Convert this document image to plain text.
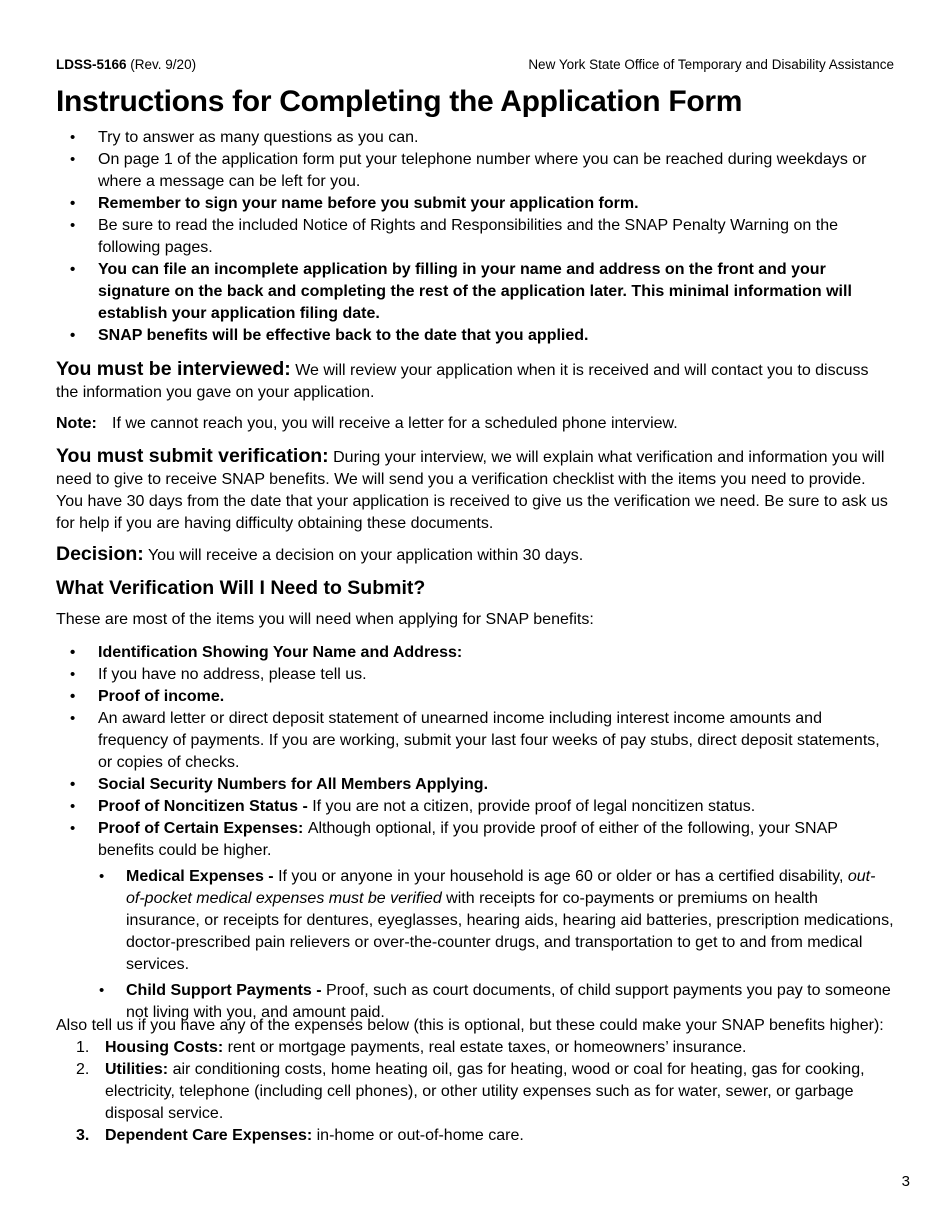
LDSS-5166 (Rev. 9/20)	New York State Office of Temporary and Disability Assistance
Instructions for Completing the Application Form
• Try to answer as many questions as you can.
• On page 1 of the application form put your telephone number where you can be reached during weekdays or where a message can be left for you.
• Remember to sign your name before you submit your application form.
• Be sure to read the included Notice of Rights and Responsibilities and the SNAP Penalty Warning on the following pages.
• You can file an incomplete application by filling in your name and address on the front and your signature on the back and completing the rest of the application later. This minimal information will establish your application filing date.
• SNAP benefits will be effective back to the date that you applied.
You must be interviewed: We will review your application when it is received and will contact you to discuss the information you gave on your application.
Note: If we cannot reach you, you will receive a letter for a scheduled phone interview.
You must submit verification: During your interview, we will explain what verification and information you will need to give to receive SNAP benefits. We will send you a verification checklist with the items you need to provide. You have 30 days from the date that your application is received to give us the verification we need. Be sure to ask us for help if you are having difficulty obtaining these documents.
Decision: You will receive a decision on your application within 30 days.
What Verification Will I Need to Submit?
These are most of the items you will need when applying for SNAP benefits:
• Identification Showing Your Name and Address:
• If you have no address, please tell us.
• Proof of income.
• An award letter or direct deposit statement of unearned income including interest income amounts and frequency of payments. If you are working, submit your last four weeks of pay stubs, direct deposit statements, or copies of checks.
• Social Security Numbers for All Members Applying.
• Proof of Noncitizen Status - If you are not a citizen, provide proof of legal noncitizen status.
• Proof of Certain Expenses: Although optional, if you provide proof of either of the following, your SNAP benefits could be higher.
• Medical Expenses - If you or anyone in your household is age 60 or older or has a certified disability, out-of-pocket medical expenses must be verified with receipts for co-payments or premiums on health insurance, or receipts for dentures, eyeglasses, hearing aids, hearing aid batteries, prescription medications, doctor-prescribed pain relievers or over-the-counter drugs, and transportation to get to and from medical services.
• Child Support Payments - Proof, such as court documents, of child support payments you pay to someone not living with you, and amount paid.
Also tell us if you have any of the expenses below (this is optional, but these could make your SNAP benefits higher):
1. Housing Costs: rent or mortgage payments, real estate taxes, or homeowners’ insurance.
2. Utilities: air conditioning costs, home heating oil, gas for heating, wood or coal for heating, gas for cooking, electricity, telephone (including cell phones), or other utility expenses such as for water, sewer, or garbage disposal service.
3. Dependent Care Expenses: in-home or out-of-home care.
3
